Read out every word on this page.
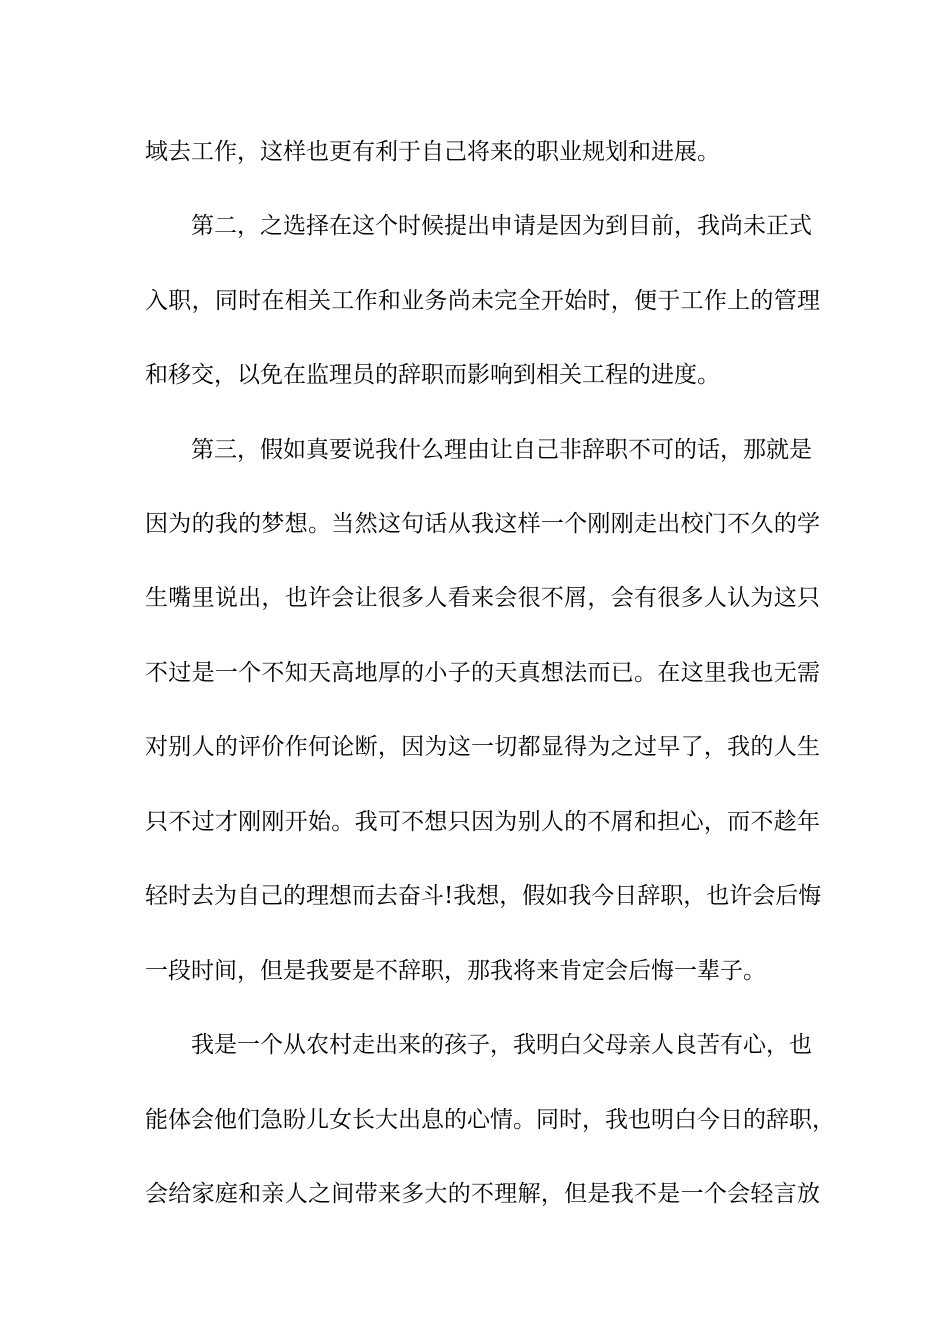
域去工作，这样也更有利于自己将来的职业规划和进展。
第二，之选择在这个时候提出申请是因为到目前，我尚未正式
入职，同时在相关工作和业务尚未完全开始时，便于工作上的管理
和移交，以免在监理员的辞职而影响到相关工程的进度。
第三，假如真要说我什么理由让自己非辞职不可的话，那就是
因为的我的梦想。当然这句话从我这样一个刚刚走出校门不久的学
生嘴里说出，也许会让很多人看来会很不屑，会有很多人认为这只
不过是一个不知天高地厚的小子的天真想法而已。在这里我也无需
对别人的评价作何论断，因为这一切都显得为之过早了，我的人生
只不过才刚刚开始。我可不想只因为别人的不屑和担心，而不趁年
轻时去为自己的理想而去奋斗!我想，假如我今日辞职，也许会后悔
一段时间，但是我要是不辞职，那我将来肯定会后悔一辈子。
我是一个从农村走出来的孩子，我明白父母亲人良苦有心，也
能体会他们急盼儿女长大出息的心情。同时，我也明白今日的辞职，
会给家庭和亲人之间带来多大的不理解，但是我不是一个会轻言放
